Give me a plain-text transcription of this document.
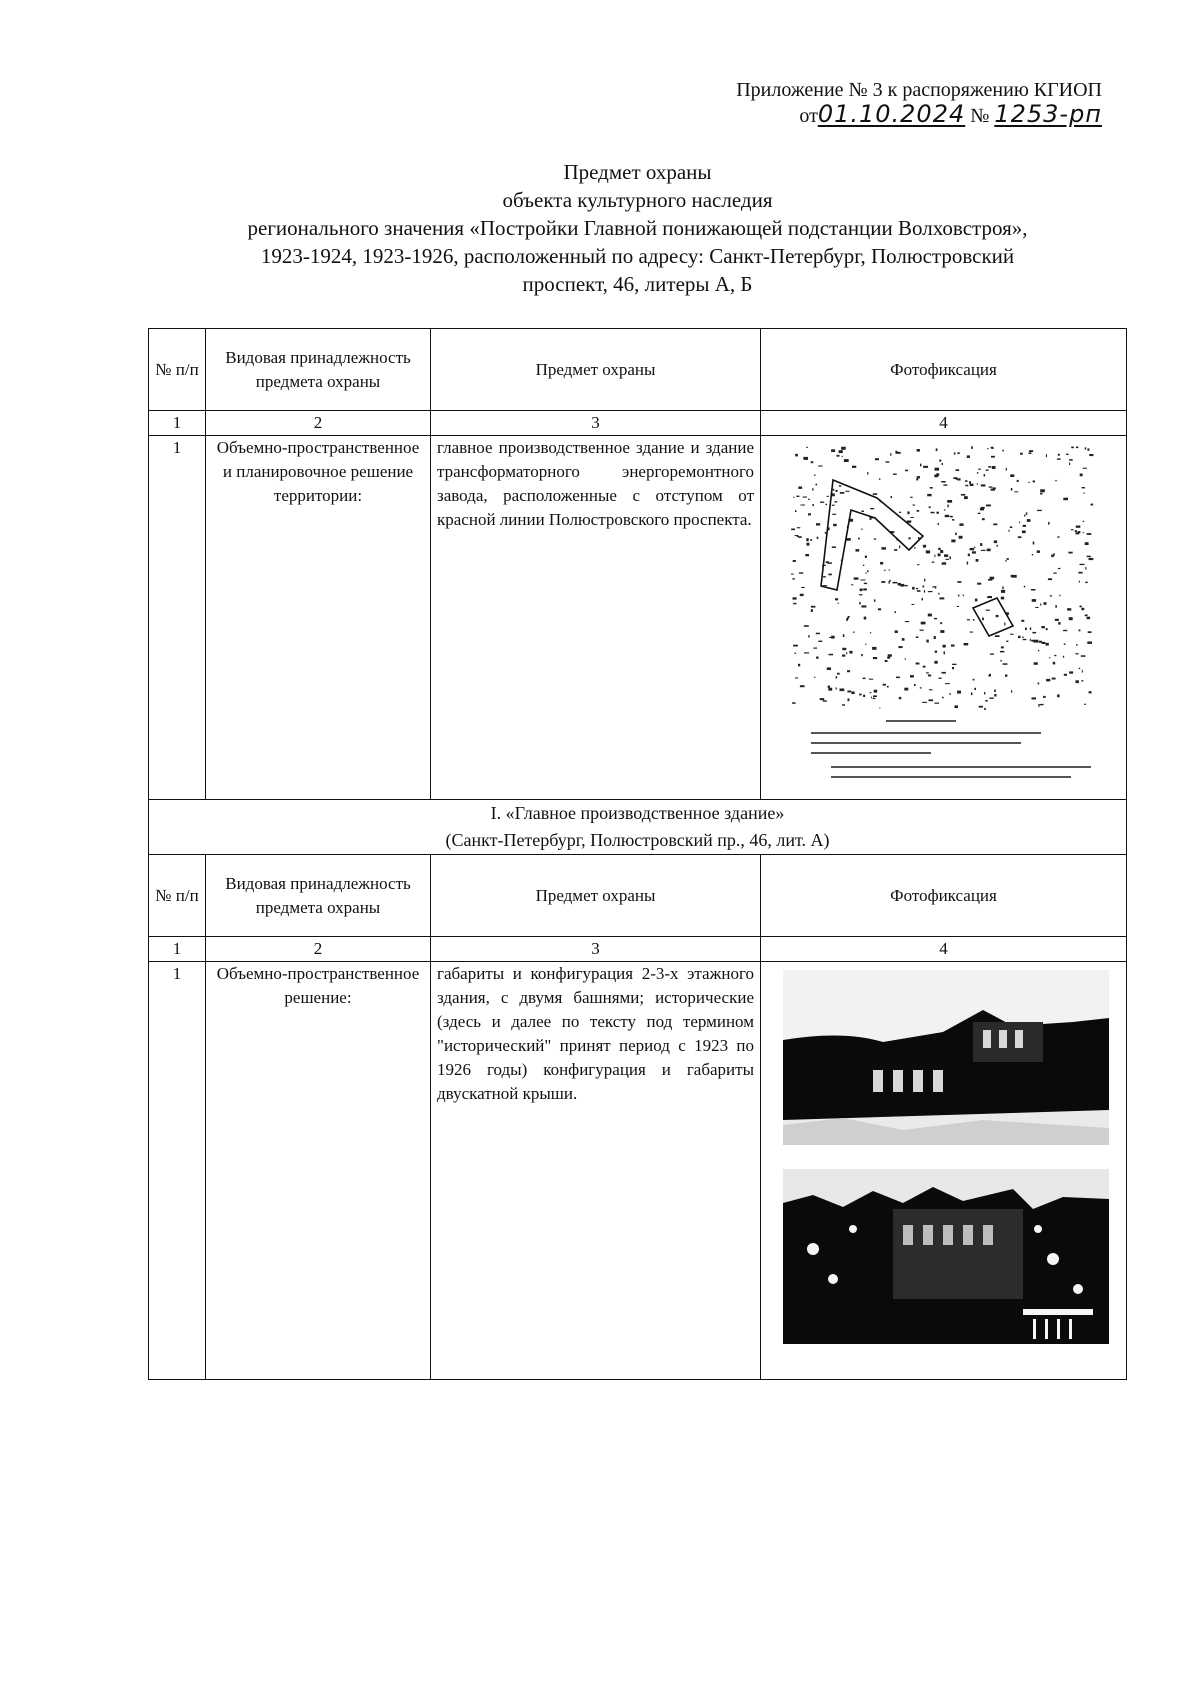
Приложение № 3 к распоряжению КГИОП
от01.10.2024 № 1253-рп
Предмет охраны
объекта культурного наследия
регионального значения «Постройки Главной понижающей подстанции Волховстроя»,
1923-1924, 1923-1926, расположенный по адресу: Санкт-Петербург, Полюстровский
проспект, 46, литеры А, Б
№ п/п	Видовая принадлежность предмета охраны	Предмет охраны	Фотофиксация
1	2	3	4
1	Объемно-пространственное и планировочное решение территории:	главное производственное здание и здание трансформаторного энергоремонтного завода, расположенные с отступом от красной линии Полюстровского проспекта.	

I. «Главное производственное здание»
(Санкт-Петербург, Полюстровский пр., 46, лит. А)			

№ п/п	Видовая принадлежность предмета охраны	Предмет охраны	Фотофиксация
1	2	3	4
1	Объемно-пространственное решение:	габариты и конфигурация 2-3-х этажного здания, с двумя башнями; исторические (здесь и далее по тексту под термином "исторический" принят период с 1923 по 1926 годы) конфигурация и габариты двускатной крыши.	
